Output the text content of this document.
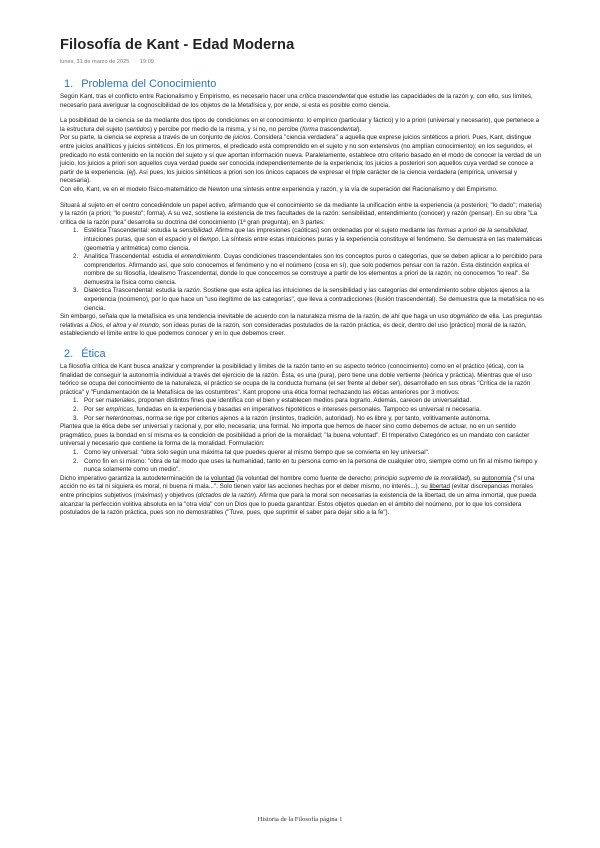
Filosofía de Kant - Edad Moderna
lunes, 31 de marzo de 2025 19:09
1. Problema del Conocimiento

Según Kant, tras el conflicto entre Racionalismo y Empirismo, es necesario hacer una crítica trascendental que estudie las capacidades de la razón y, con ello, sus límites, necesario para averiguar la cognoscibilidad de los objetos de la Metafísica y, por ende, si esta es posible como ciencia.

La posibilidad de la ciencia se da mediante dos tipos de condiciones en el conocimiento: lo empírico (particular y fáctico) y lo a priori (universal y necesario), que pertenece a la estructura del sujeto (sentidos) y percibe por medio de la misma, y si no, no percibe (forma trascendental).

Por su parte, la ciencia se expresa a través de un conjunto de juicios. Considera "ciencia verdadera" a aquella que exprese juicios sintéticos a priori. Pues, Kant, distingue entre juicios analíticos y juicios sintéticos. En los primeros, el predicado está comprendido en el sujeto y no son extensivos (no amplían conocimiento); en los segundos, el predicado no está contenido en la noción del sujeto y sí que aportan información nueva. Paralelamente, establece otro criterio basado en el modo de conocer la verdad de un juicio, los juicios a priori son aquellos cuya verdad puede ser conocida independientemente de la experiencia; los juicios a posteriori son aquellos cuya verdad se conoce a partir de la experiencia. (ej). Así pues, los juicios sintéticos a priori son los únicos capaces de expresar el triple carácter de la ciencia verdadera (empírica, universal y necesaria).

Con ello, Kant, ve en el modelo físico-matemático de Newton una síntesis entre experiencia y razón, y la vía de superación del Racionalismo y del Empirismo.

Situará al sujeto en el centro concediéndole un papel activo, afirmando que el conocimiento se da mediante la unificación entre la experiencia (a posteriori; "lo dado"; materia) y la razón (a priori; "lo puesto"; forma). A su vez, sostiene la existencia de tres facultades de la razón: sensibilidad, entendimiento (conocer) y razón (pensar). En su obra "La crítica de la razón pura" desarrolla su doctrina del conocimiento (1ª gran pregunta), en 3 partes:

1. Estética Trascendental: estudia la sensibilidad. Afirma que las impresiones (caóticas) son ordenadas por el sujeto mediante las formas a priori de la sensibilidad, intuiciones puras, que son el espacio y el tiempo. La síntesis entre estas intuiciones puras y la experiencia constituye el fenómeno. Se demuestra en las matemáticas (geometría y aritmética) como ciencia.
2. Analítica Trascendental: estudia el entendimiento. Cuyas condiciones trascendentales son los conceptos puros o categorías, que se deben aplicar a lo percibido para comprenderlos. Afirmando así, que solo conocemos el fenómeno y no el noúmeno (cosa en sí), que solo podemos pensar con la razón. Esta distinción explica el nombre de su filosofía, Idealismo Trascendental, donde lo que conocemos se construye a partir de los elementos a priori de la razón; no conocemos "lo real". Se demuestra la física como ciencia.
3. Dialéctica Trascendental: estudia la razón. Sostiene que esta aplica las intuiciones de la sensibilidad y las categorías del entendimiento sobre objetos ajenos a la experiencia (noúmeno), por lo que hace un "uso ilegítimo de las categorías", que lleva a contradicciones (ilusión trascendental). Se demuestra que la metafísica no es ciencia.

Sin embargo, señala que la metafísica es una tendencia inevitable de acuerdo con la naturaleza misma de la razón, de ahí que haga un uso dogmático de ella. Las preguntas relativas a Dios, el alma y el mundo, son ideas puras de la razón, son consideradas postulados de la razón práctica, es decir, dentro del uso [práctico] moral de la razón, estableciendo el límite entre lo que podemos conocer y en lo que debemos creer.

2. Ética

La filosofía crítica de Kant busca analizar y comprender la posibilidad y límites de la razón tanto en su aspecto teórico (conocimiento) como en el práctico (ética), con la finalidad de conseguir la autonomía individual a través del ejercicio de la razón. Ésta, es una (pura), pero tiene una doble vertiente (teórica y práctica). Mientras que el uso teórico se ocupa del conocimiento de la naturaleza, el práctico se ocupa de la conducta humana (el ser frente al deber ser), desarrollado en sus obras "Crítica de la razón práctica" y "Fundamentación de la Metafísica de las costumbres". Kant propone una ética formal rechazando las éticas anteriores por 3 motivos:

1. Por ser materiales, proponen distintos fines que identifica con el bien y establecen medios para lograrlo. Además, carecen de universalidad.
2. Por ser empíricas, fundadas en la experiencia y basadas en imperativos hipotéticos e intereses personales. Tampoco es universal ni necesaria.
3. Por ser heterónomas, norma se rige por criterios ajenos a la razón (instintos, tradición, autoridad). No es libre y, por tanto, volitivamente autónoma.

Plantea que la ética debe ser universal y racional y, por ello, necesaria; una formal. No importa que hemos de hacer sino como debemos de actuar, no en un sentido pragmático, pues la bondad en sí misma es la condición de posibilidad a priori de la moralidad; "la buena voluntad". El Imperativo Categórico es un mandato con carácter universal y necesario que contiene la forma de la moralidad. Formulación:

1. Como ley universal: "obra solo según una máxima tal que puedes querer al mismo tiempo que se convierta en ley universal".
2. Como fin en sí mismo: "obra de tal modo que uses la humanidad, tanto en tu persona como en la persona de cualquier otro, siempre como un fin al mismo tiempo y nunca solamente como un medio".

Dicho imperativo garantiza la autodeterminación de la voluntad (la voluntad del hombre como fuente de derecho; principio supremo de la moralidad), su autonomía ("sí una acción no es tal ni siquiera es moral, ni buena ni mala...". Solo tienen valor las acciones hechas por el deber mismo, no interés...), su libertad (evitar discrepancias morales entre principios subjetivos (máximas) y objetivos (dictados de la razón). Afirma que para la moral son necesarias la existencia de la libertad, de un alma inmortal, que pueda alcanzar la perfección volitiva absoluta en la "otra vida" con un Dios que lo pueda garantizar. Estos objetos quedan en el ámbito del noúmeno, por lo que los considera postulados de la razón práctica, pues son no demostrables ("Tuve, pues, que suprimir el saber para dejar sitio a la fe").

Historia de la Filosofía página 1
